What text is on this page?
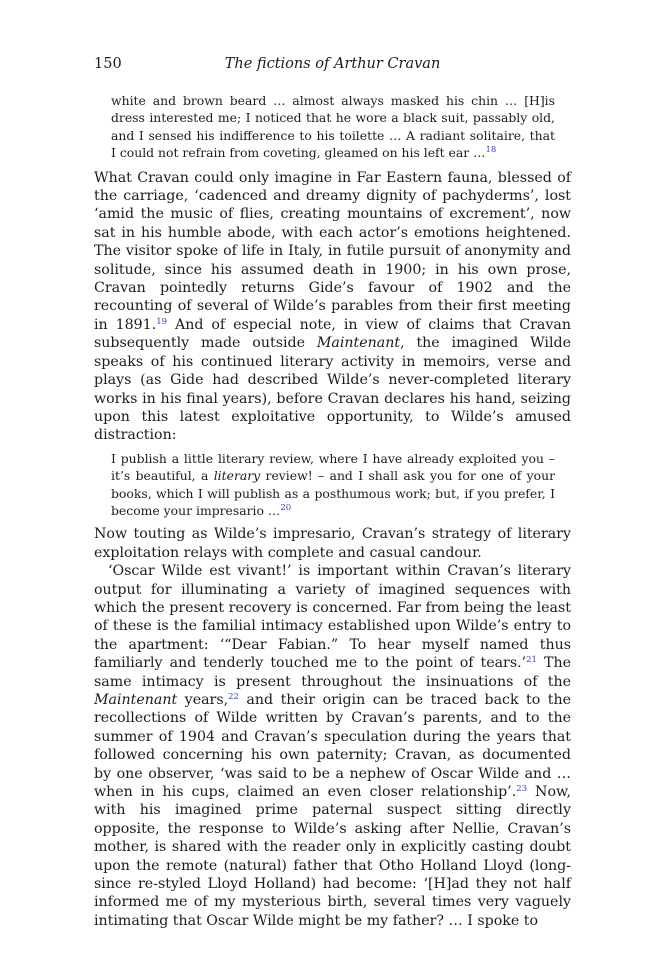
150	The fictions of Arthur Cravan

white and brown beard … almost always masked his chin … [H]is dress interested me; I noticed that he wore a black suit, passably old, and I sensed his indifference to his toilette … A radiant solitaire, that I could not refrain from coveting, gleamed on his left ear …$^{18}$

What Cravan could only imagine in Far Eastern fauna, blessed of the carriage, ‘cadenced and dreamy dignity of pachyderms’, lost ‘amid the music of flies, creating mountains of excrement’, now sat in his humble abode, with each actor’s emotions heightened. The visitor spoke of life in Italy, in futile pursuit of anonymity and solitude, since his assumed death in 1900; in his own prose, Cravan pointedly returns Gide’s favour of 1902 and the recounting of several of Wilde’s parables from their first meeting in 1891.19 And of especial note, in view of claims that Cravan subsequently made outside Maintenant, the imagined Wilde speaks of his continued literary activity in memoirs, verse and plays (as Gide had described Wilde’s never-completed literary works in his final years), before Cravan declares his hand, seizing upon this latest exploitative opportunity, to Wilde’s amused distraction:

I publish a little literary review, where I have already exploited you – it’s beautiful, a literary review! – and I shall ask you for one of your books, which I will publish as a posthumous work; but, if you prefer, I become your impresario …$^{20}$

Now touting as Wilde’s impresario, Cravan’s strategy of literary exploitation relays with complete and casual candour.

‘Oscar Wilde est vivant!’ is important within Cravan’s literary output for illuminating a variety of imagined sequences with which the present recovery is concerned. Far from being the least of these is the familial intimacy established upon Wilde’s entry to the apartment: ‘“Dear Fabian.” To hear myself named thus familiarly and tenderly touched me to the point of tears.’$^{21}$ The same intimacy is present throughout the insinuations of the Maintenant years,$^{22}$ and their origin can be traced back to the recollections of Wilde written by Cravan’s parents, and to the summer of 1904 and Cravan’s speculation during the years that followed concerning his own paternity; Cravan, as documented by one observer, ‘was said to be a nephew of Oscar Wilde and … when in his cups, claimed an even closer relationship’.$^{23}$ Now, with his imagined prime paternal suspect sitting directly opposite, the response to Wilde’s asking after Nellie, Cravan’s mother, is shared with the reader only in explicitly casting doubt upon the remote (natural) father that Otho Holland Lloyd (long-since re-styled Lloyd Holland) had become: ‘[H]ad they not half informed me of my mysterious birth, several times very vaguely intimating that Oscar Wilde might be my father? … I spoke to
